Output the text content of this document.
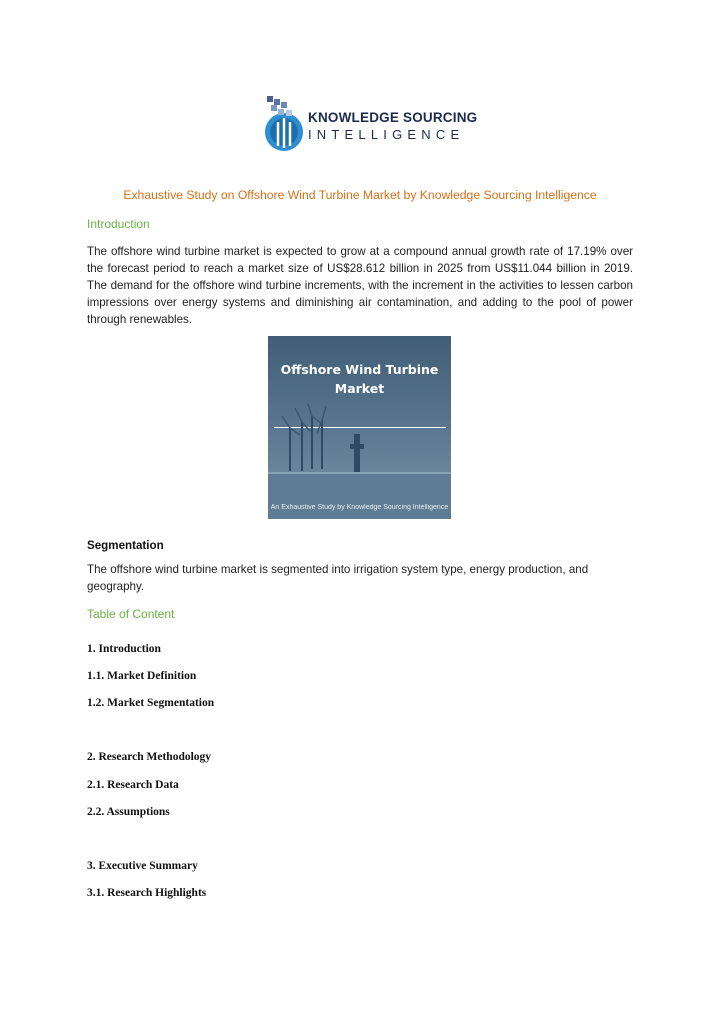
KNOWLEDGE SOURCING
INTELLIGENCE
Exhaustive Study on Offshore Wind Turbine Market by Knowledge Sourcing Intelligence
Introduction
The offshore wind turbine market is expected to grow at a compound annual growth rate of 17.19% over the forecast period to reach a market size of US$28.612 billion in 2025 from US$11.044 billion in 2019. The demand for the offshore wind turbine increments, with the increment in the activities to lessen carbon impressions over energy systems and diminishing air contamination, and adding to the pool of power through renewables.
Offshore Wind Turbine
Market
An Exhaustive Study by Knowledge Sourcing Intelligence
Segmentation
The offshore wind turbine market is segmented into irrigation system type, energy production, and geography.
Table of Content
1. Introduction
1.1. Market Definition
1.2. Market Segmentation
2. Research Methodology
2.1. Research Data
2.2. Assumptions
3. Executive Summary
3.1. Research Highlights
